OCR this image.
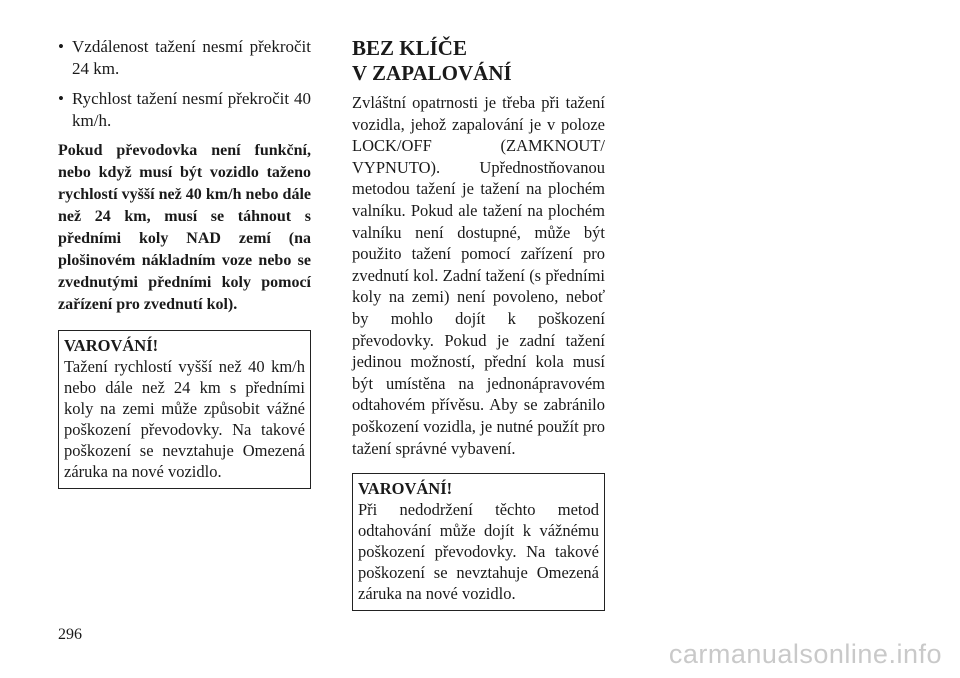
• Vzdálenost tažení nesmí překročit 24 km.
• Rychlost tažení nesmí překročit 40 km/h.

Pokud převodovka není funkční, nebo když musí být vozidlo taženo rychlostí vyšší než 40 km/h nebo dále než 24 km, musí se táhnout s předními koly NAD zemí (na plošinovém nákladním voze nebo se zvednutými předními koly pomocí zařízení pro zvednutí kol).

VAROVÁNÍ!
Tažení rychlostí vyšší než 40 km/h nebo dále než 24 km s předními koly na zemi může způsobit vážné poškození převodovky. Na takové poškození se nevztahuje Omezená záruka na nové vozidlo.
BEZ KLÍČE
V ZAPALOVÁNÍ

Zvláštní opatrnosti je třeba při tažení vozidla, jehož zapalování je v poloze LOCK/OFF (ZAMKNOUT/ VYPNUTO). Upřednostňovanou metodou tažení je tažení na plochém valníku. Pokud ale tažení na plochém valníku není dostupné, může být použito tažení pomocí zařízení pro zvednutí kol. Zadní tažení (s předními koly na zemi) není povoleno, neboť by mohlo dojít k poškození převodovky. Pokud je zadní tažení jedinou možností, přední kola musí být umístěna na jednonápravovém odtahovém přívěsu. Aby se zabránilo poškození vozidla, je nutné použít pro tažení správné vybavení.

VAROVÁNÍ!
Při nedodržení těchto metod odtahování může dojít k vážnému poškození převodovky. Na takové poškození se nevztahuje Omezená záruka na nové vozidlo.
296
carmanualsonline.info
